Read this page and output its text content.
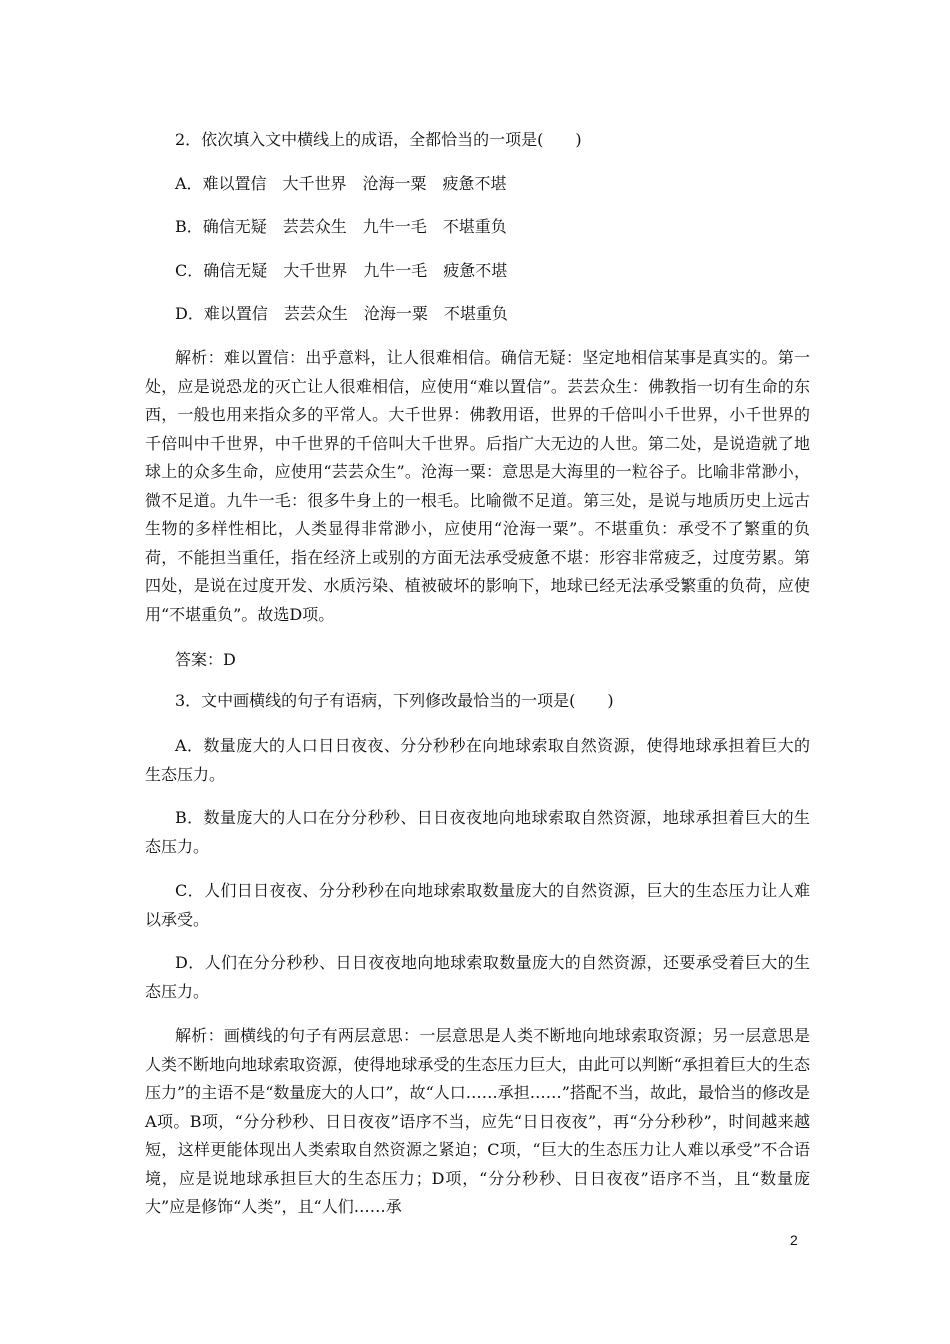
2．依次填入文中横线上的成语，全都恰当的一项是(　　)

A．难以置信　大千世界　沧海一粟　疲惫不堪

B．确信无疑　芸芸众生　九牛一毛　不堪重负

C．确信无疑　大千世界　九牛一毛　疲惫不堪

D．难以置信　芸芸众生　沧海一粟　不堪重负

解析：难以置信：出乎意料，让人很难相信。确信无疑：坚定地相信某事是真实的。第一处，应是说恐龙的灭亡让人很难相信，应使用“难以置信”。芸芸众生：佛教指一切有生命的东西，一般也用来指众多的平常人。大千世界：佛教用语，世界的千倍叫小千世界，小千世界的千倍叫中千世界，中千世界的千倍叫大千世界。后指广大无边的人世。第二处，是说造就了地球上的众多生命，应使用“芸芸众生”。沧海一粟：意思是大海里的一粒谷子。比喻非常渺小，微不足道。九牛一毛：很多牛身上的一根毛。比喻微不足道。第三处，是说与地质历史上远古生物的多样性相比，人类显得非常渺小，应使用“沧海一粟”。不堪重负：承受不了繁重的负荷，不能担当重任，指在经济上或别的方面无法承受疲惫不堪：形容非常疲乏，过度劳累。第四处，是说在过度开发、水质污染、植被破坏的影响下，地球已经无法承受繁重的负荷，应使用“不堪重负”。故选D项。

答案：D

3．文中画横线的句子有语病，下列修改最恰当的一项是(　　)

A．数量庞大的人口日日夜夜、分分秒秒在向地球索取自然资源，使得地球承担着巨大的生态压力。

B．数量庞大的人口在分分秒秒、日日夜夜地向地球索取自然资源，地球承担着巨大的生态压力。

C．人们日日夜夜、分分秒秒在向地球索取数量庞大的自然资源，巨大的生态压力让人难以承受。

D．人们在分分秒秒、日日夜夜地向地球索取数量庞大的自然资源，还要承受着巨大的生态压力。

解析：画横线的句子有两层意思：一层意思是人类不断地向地球索取资源；另一层意思是人类不断地向地球索取资源，使得地球承受的生态压力巨大，由此可以判断“承担着巨大的生态压力”的主语不是“数量庞大的人口”，故“人口……承担……”搭配不当，故此，最恰当的修改是A项。B项，“分分秒秒、日日夜夜”语序不当，应先“日日夜夜”，再“分分秒秒”，时间越来越短，这样更能体现出人类索取自然资源之紧迫；C项，“巨大的生态压力让人难以承受”不合语境，应是说地球承担巨大的生态压力；D项，“分分秒秒、日日夜夜”语序不当，且“数量庞大”应是修饰“人类”，且“人们……承

2
